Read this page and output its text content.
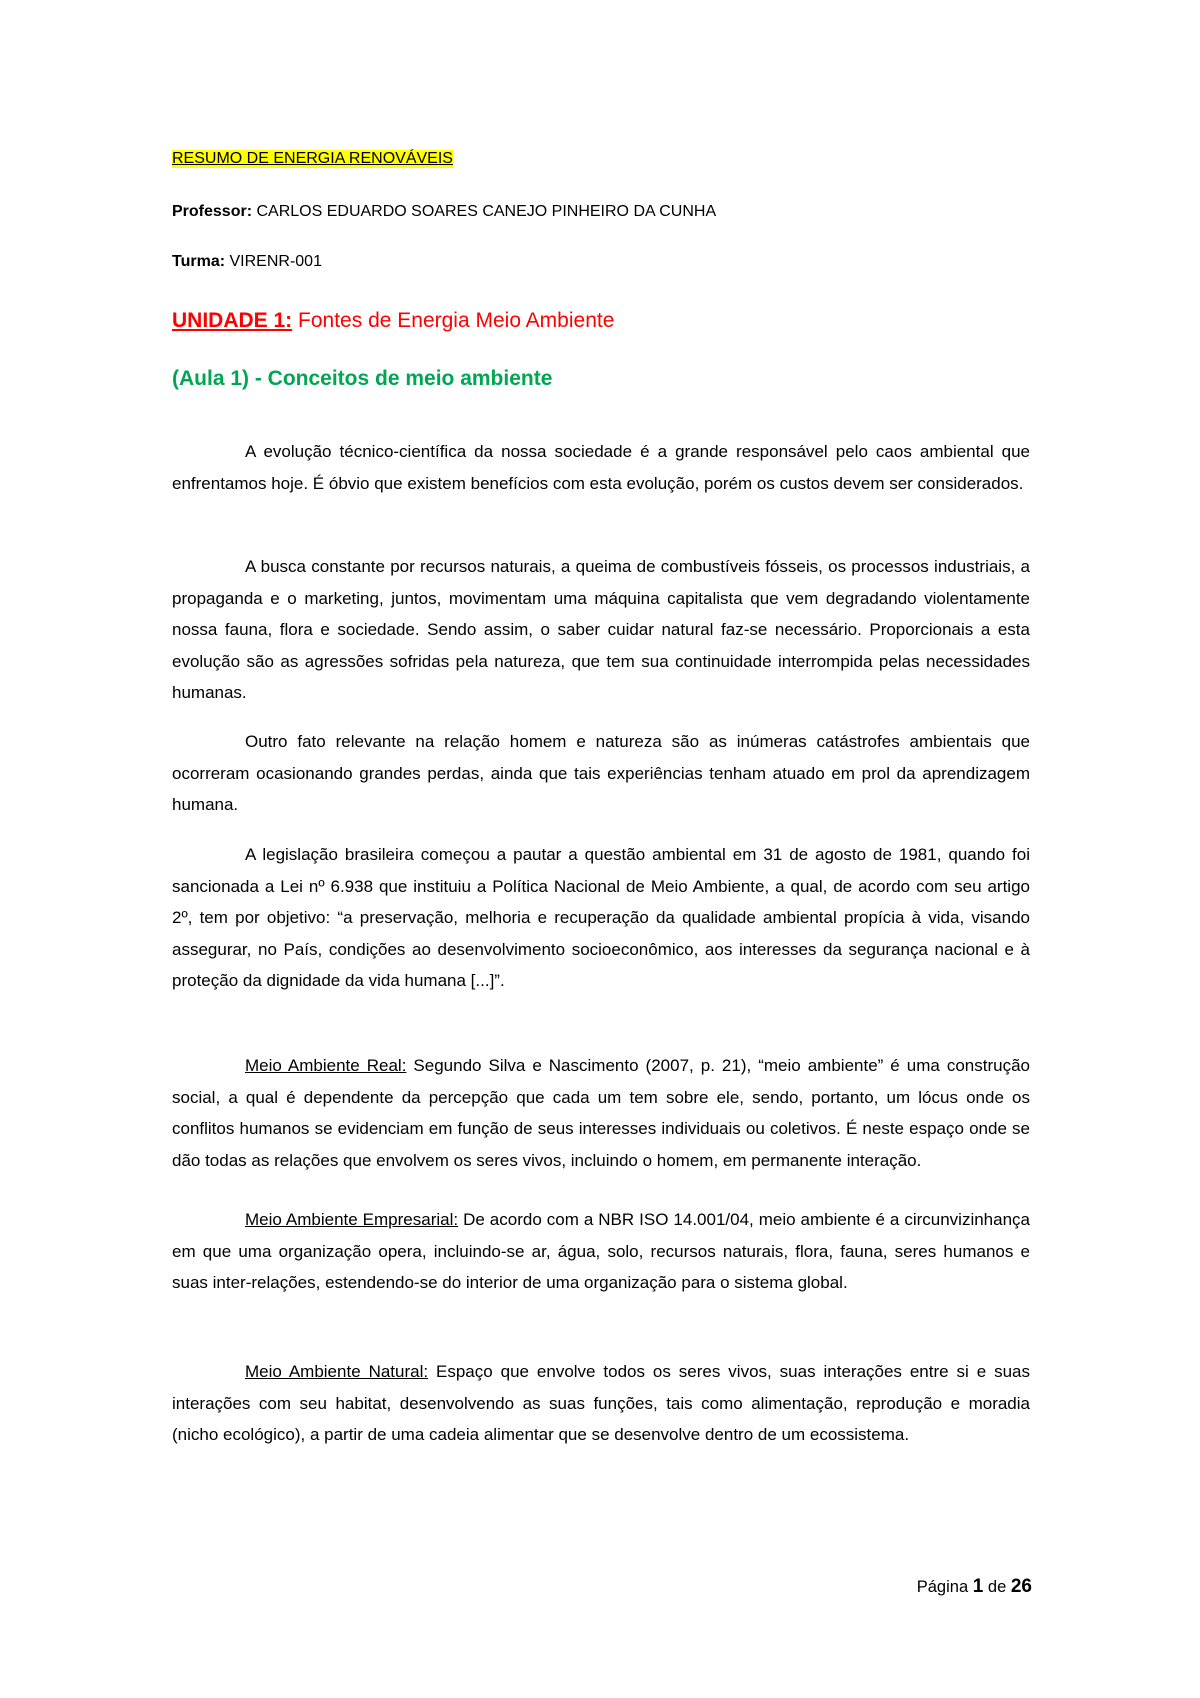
RESUMO DE ENERGIA RENOVÁVEIS
Professor: CARLOS EDUARDO SOARES CANEJO PINHEIRO DA CUNHA
Turma: VIRENR-001
UNIDADE 1: Fontes de Energia Meio Ambiente
(Aula 1) - Conceitos de meio ambiente

A evolução técnico-científica da nossa sociedade é a grande responsável pelo caos ambiental que enfrentamos hoje. É óbvio que existem benefícios com esta evolução, porém os custos devem ser considerados.

A busca constante por recursos naturais, a queima de combustíveis fósseis, os processos industriais, a propaganda e o marketing, juntos, movimentam uma máquina capitalista que vem degradando violentamente nossa fauna, flora e sociedade. Sendo assim, o saber cuidar natural faz-se necessário. Proporcionais a esta evolução são as agressões sofridas pela natureza, que tem sua continuidade interrompida pelas necessidades humanas.

Outro fato relevante na relação homem e natureza são as inúmeras catástrofes ambientais que ocorreram ocasionando grandes perdas, ainda que tais experiências tenham atuado em prol da aprendizagem humana.

A legislação brasileira começou a pautar a questão ambiental em 31 de agosto de 1981, quando foi sancionada a Lei nº 6.938 que instituiu a Política Nacional de Meio Ambiente, a qual, de acordo com seu artigo 2º, tem por objetivo: “a preservação, melhoria e recuperação da qualidade ambiental propícia à vida, visando assegurar, no País, condições ao desenvolvimento socioeconômico, aos interesses da segurança nacional e à proteção da dignidade da vida humana [...]”.

Meio Ambiente Real: Segundo Silva e Nascimento (2007, p. 21), “meio ambiente” é uma construção social, a qual é dependente da percepção que cada um tem sobre ele, sendo, portanto, um lócus onde os conflitos humanos se evidenciam em função de seus interesses individuais ou coletivos. É neste espaço onde se dão todas as relações que envolvem os seres vivos, incluindo o homem, em permanente interação.

Meio Ambiente Empresarial: De acordo com a NBR ISO 14.001/04, meio ambiente é a circunvizinhança em que uma organização opera, incluindo-se ar, água, solo, recursos naturais, flora, fauna, seres humanos e suas inter-relações, estendendo-se do interior de uma organização para o sistema global.

Meio Ambiente Natural: Espaço que envolve todos os seres vivos, suas interações entre si e suas interações com seu habitat, desenvolvendo as suas funções, tais como alimentação, reprodução e moradia (nicho ecológico), a partir de uma cadeia alimentar que se desenvolve dentro de um ecossistema.

Página 1 de 26
